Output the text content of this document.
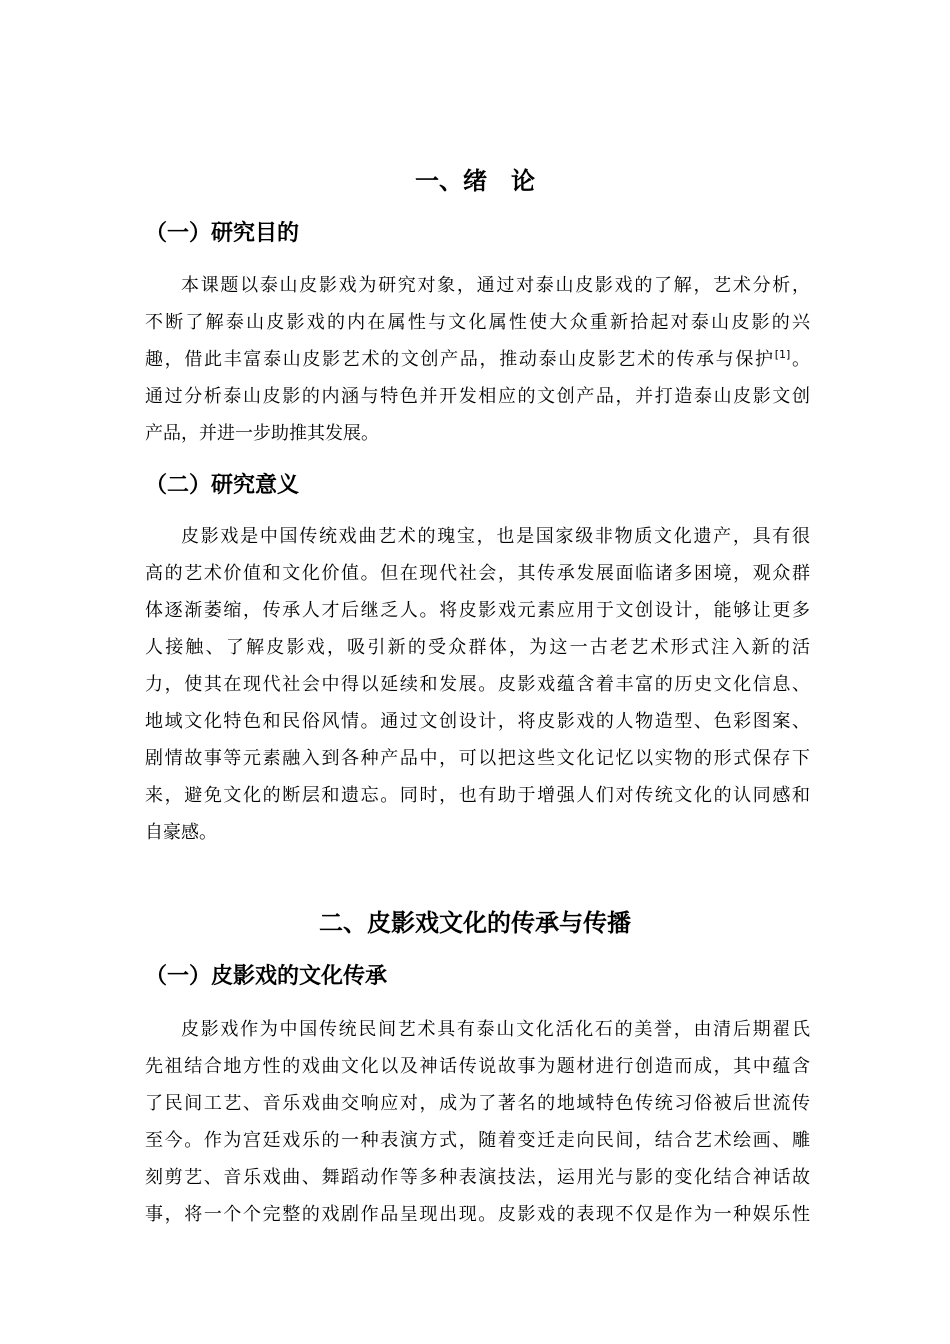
一、绪 论
（一）研究目的
本课题以泰山皮影戏为研究对象，通过对泰山皮影戏的了解，艺术分析，
不断了解泰山皮影戏的内在属性与文化属性使大众重新拾起对泰山皮影的兴
趣，借此丰富泰山皮影艺术的文创产品，推动泰山皮影艺术的传承与保护[1]。
通过分析泰山皮影的内涵与特色并开发相应的文创产品，并打造泰山皮影文创
产品，并进一步助推其发展。
（二）研究意义
皮影戏是中国传统戏曲艺术的瑰宝，也是国家级非物质文化遗产，具有很
高的艺术价值和文化价值。但在现代社会，其传承发展面临诸多困境，观众群
体逐渐萎缩，传承人才后继乏人。将皮影戏元素应用于文创设计，能够让更多
人接触、了解皮影戏，吸引新的受众群体，为这一古老艺术形式注入新的活
力，使其在现代社会中得以延续和发展。皮影戏蕴含着丰富的历史文化信息、
地域文化特色和民俗风情。通过文创设计，将皮影戏的人物造型、色彩图案、
剧情故事等元素融入到各种产品中，可以把这些文化记忆以实物的形式保存下
来，避免文化的断层和遗忘。同时，也有助于增强人们对传统文化的认同感和
自豪感。
二、皮影戏文化的传承与传播
（一）皮影戏的文化传承
皮影戏作为中国传统民间艺术具有泰山文化活化石的美誉，由清后期翟氏
先祖结合地方性的戏曲文化以及神话传说故事为题材进行创造而成，其中蕴含
了民间工艺、音乐戏曲交响应对，成为了著名的地域特色传统习俗被后世流传
至今。作为宫廷戏乐的一种表演方式，随着变迁走向民间，结合艺术绘画、雕
刻剪艺、音乐戏曲、舞蹈动作等多种表演技法，运用光与影的变化结合神话故
事，将一个个完整的戏剧作品呈现出现。皮影戏的表现不仅是作为一种娱乐性
